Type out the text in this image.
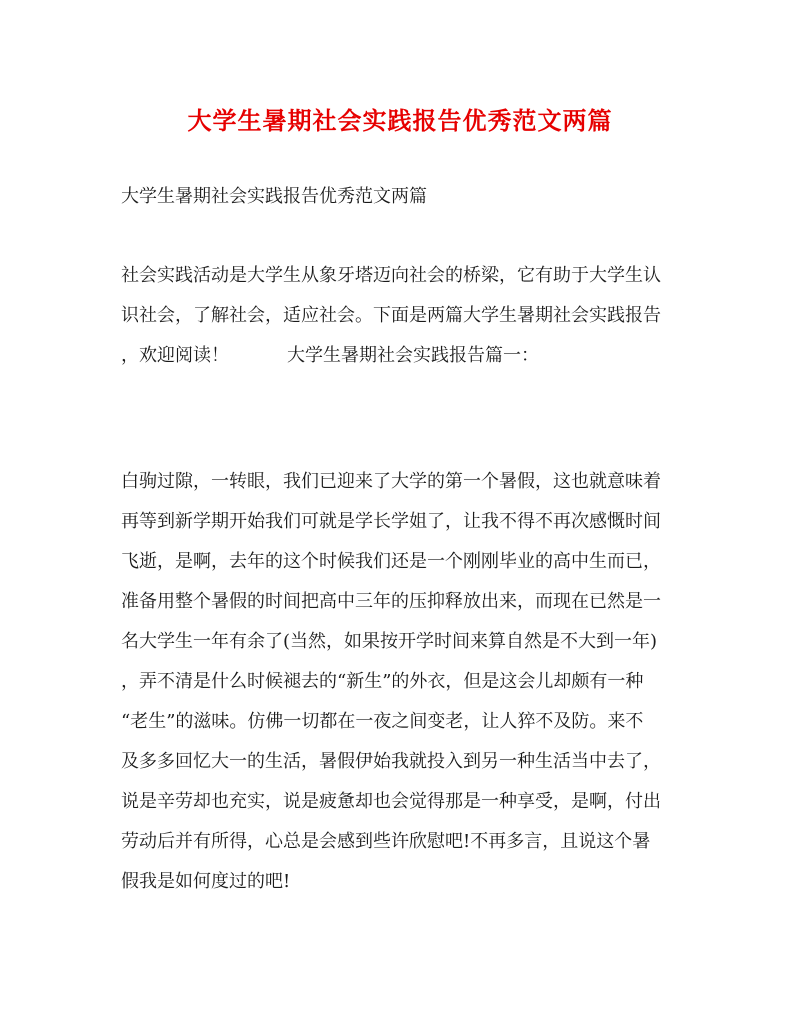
大学生暑期社会实践报告优秀范文两篇
大学生暑期社会实践报告优秀范文两篇
社会实践活动是大学生从象牙塔迈向社会的桥梁，它有助于大学生认
识社会，了解社会，适应社会。下面是两篇大学生暑期社会实践报告
，欢迎阅读！	大学生暑期社会实践报告篇一：
白驹过隙，一转眼，我们已迎来了大学的第一个暑假，这也就意味着
再等到新学期开始我们可就是学长学姐了，让我不得不再次感慨时间
飞逝，是啊，去年的这个时候我们还是一个刚刚毕业的高中生而已，
准备用整个暑假的时间把高中三年的压抑释放出来，而现在已然是一
名大学生一年有余了(当然，如果按开学时间来算自然是不大到一年)
，弄不清是什么时候褪去的“新生”的外衣，但是这会儿却颇有一种
“老生”的滋味。仿佛一切都在一夜之间变老，让人猝不及防。来不
及多多回忆大一的生活，暑假伊始我就投入到另一种生活当中去了，
说是辛劳却也充实，说是疲惫却也会觉得那是一种享受，是啊，付出
劳动后并有所得，心总是会感到些许欣慰吧!不再多言，且说这个暑
假我是如何度过的吧!
